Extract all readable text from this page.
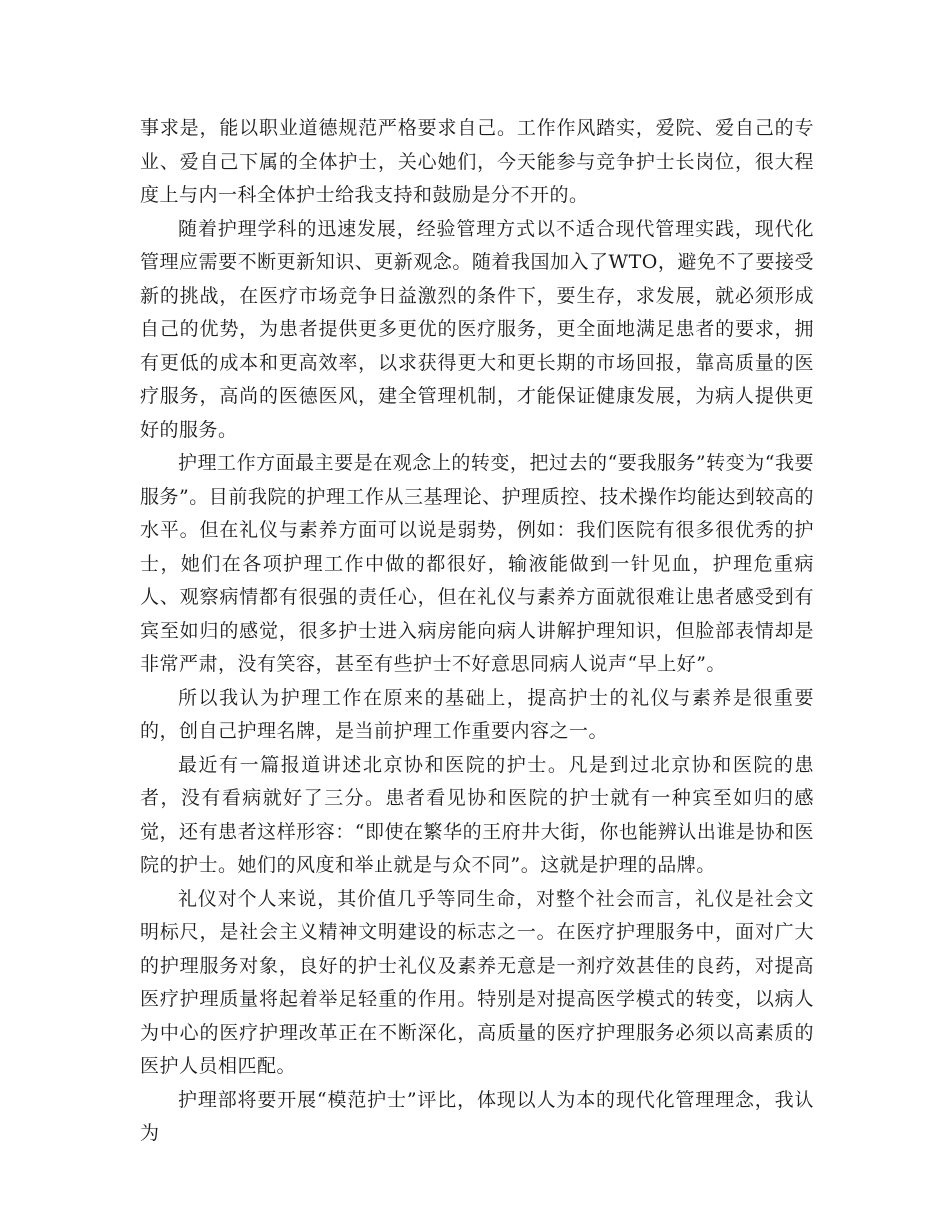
事求是，能以职业道德规范严格要求自己。工作作风踏实，爱院、爱自己的专业、爱自己下属的全体护士，关心她们，今天能参与竞争护士长岗位，很大程度上与内一科全体护士给我支持和鼓励是分不开的。

随着护理学科的迅速发展，经验管理方式以不适合现代管理实践，现代化管理应需要不断更新知识、更新观念。随着我国加入了WTO，避免不了要接受新的挑战，在医疗市场竞争日益激烈的条件下，要生存，求发展，就必须形成自己的优势，为患者提供更多更优的医疗服务，更全面地满足患者的要求，拥有更低的成本和更高效率，以求获得更大和更长期的市场回报，靠高质量的医疗服务，高尚的医德医风，建全管理机制，才能保证健康发展，为病人提供更好的服务。

护理工作方面最主要是在观念上的转变，把过去的“要我服务”转变为“我要服务”。目前我院的护理工作从三基理论、护理质控、技术操作均能达到较高的水平。但在礼仪与素养方面可以说是弱势，例如：我们医院有很多很优秀的护士，她们在各项护理工作中做的都很好，输液能做到一针见血，护理危重病人、观察病情都有很强的责任心，但在礼仪与素养方面就很难让患者感受到有宾至如归的感觉，很多护士进入病房能向病人讲解护理知识，但脸部表情却是非常严肃，没有笑容，甚至有些护士不好意思同病人说声“早上好”。

所以我认为护理工作在原来的基础上，提高护士的礼仪与素养是很重要的，创自己护理名牌，是当前护理工作重要内容之一。

最近有一篇报道讲述北京协和医院的护士。凡是到过北京协和医院的患者，没有看病就好了三分。患者看见协和医院的护士就有一种宾至如归的感觉，还有患者这样形容：“即使在繁华的王府井大街，你也能辨认出谁是协和医院的护士。她们的风度和举止就是与众不同”。这就是护理的品牌。

礼仪对个人来说，其价值几乎等同生命，对整个社会而言，礼仪是社会文明标尺，是社会主义精神文明建设的标志之一。在医疗护理服务中，面对广大的护理服务对象，良好的护士礼仪及素养无意是一剂疗效甚佳的良药，对提高医疗护理质量将起着举足轻重的作用。特别是对提高医学模式的转变，以病人为中心的医疗护理改革正在不断深化，高质量的医疗护理服务必须以高素质的医护人员相匹配。

护理部将要开展“模范护士”评比，体现以人为本的现代化管理理念，我认为
